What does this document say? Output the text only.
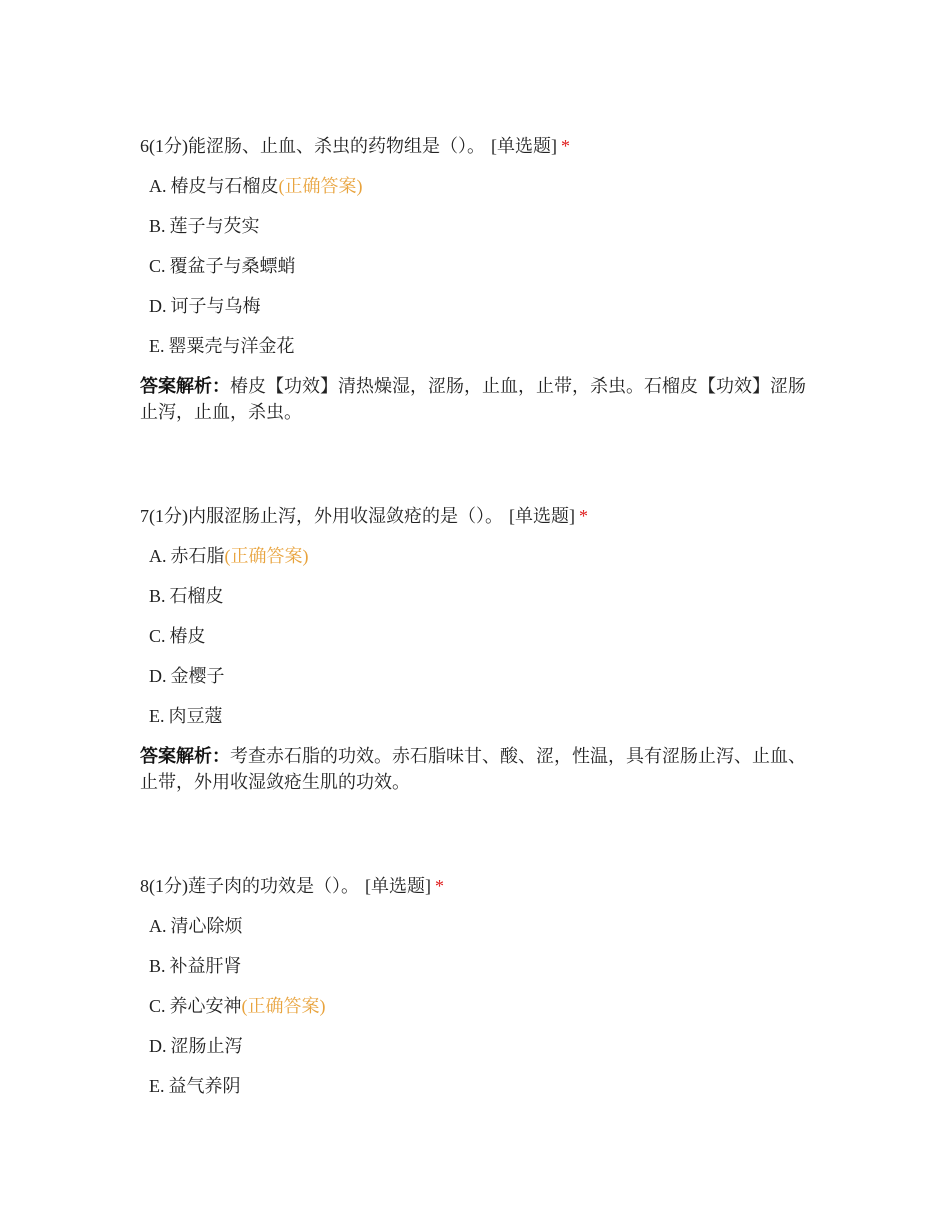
6(1分)能涩肠、止血、杀虫的药物组是（）。 [单选题] *
A. 椿皮与石榴皮(正确答案)
B. 莲子与芡实
C. 覆盆子与桑螵蛸
D. 诃子与乌梅
E. 罂粟壳与洋金花

答案解析：椿皮【功效】清热燥湿，涩肠，止血，止带，杀虫。石榴皮【功效】涩肠止泻，止血，杀虫。

7(1分)内服涩肠止泻，外用收湿敛疮的是（）。 [单选题] *
A. 赤石脂(正确答案)
B. 石榴皮
C. 椿皮
D. 金樱子
E. 肉豆蔻

答案解析：考查赤石脂的功效。赤石脂味甘、酸、涩，性温，具有涩肠止泻、止血、止带，外用收湿敛疮生肌的功效。

8(1分)莲子肉的功效是（）。 [单选题] *
A. 清心除烦
B. 补益肝肾
C. 养心安神(正确答案)
D. 涩肠止泻
E. 益气养阴
